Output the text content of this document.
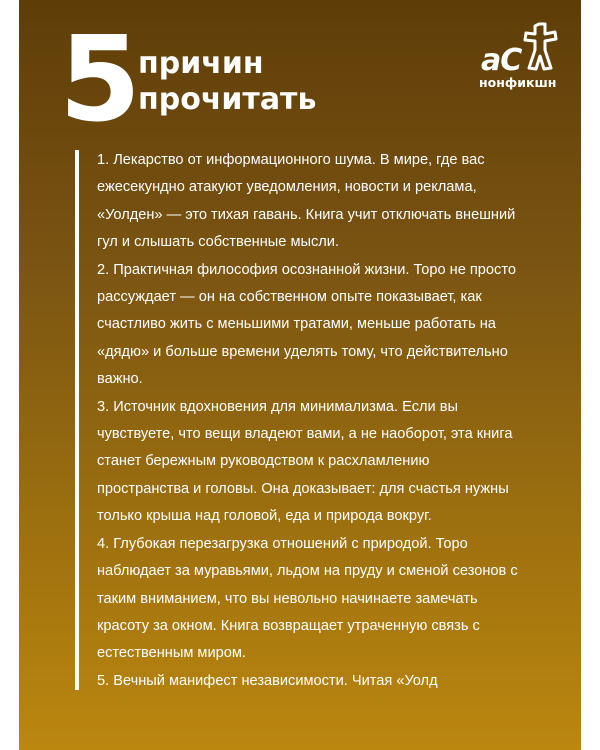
5
причин
прочитать
аС
нонфикшн
1. Лекарство от информационного шума. В мире, где вас
ежесекундно атакуют уведомления, новости и реклама,
«Уолден» — это тихая гавань. Книга учит отключать внешний
гул и слышать собственные мысли.
2. Практичная философия осознанной жизни. Торо не просто
рассуждает — он на собственном опыте показывает, как
счастливо жить с меньшими тратами, меньше работать на
«дядю» и больше времени уделять тому, что действительно
важно.
3. Источник вдохновения для минимализма. Если вы
чувствуете, что вещи владеют вами, а не наоборот, эта книга
станет бережным руководством к расхламлению
пространства и головы. Она доказывает: для счастья нужны
только крыша над головой, еда и природа вокруг.
4. Глубокая перезагрузка отношений с природой. Торо
наблюдает за муравьями, льдом на пруду и сменой сезонов с
таким вниманием, что вы невольно начинаете замечать
красоту за окном. Книга возвращает утраченную связь с
естественным миром.
5. Вечный манифест независимости. Читая «Уолд
